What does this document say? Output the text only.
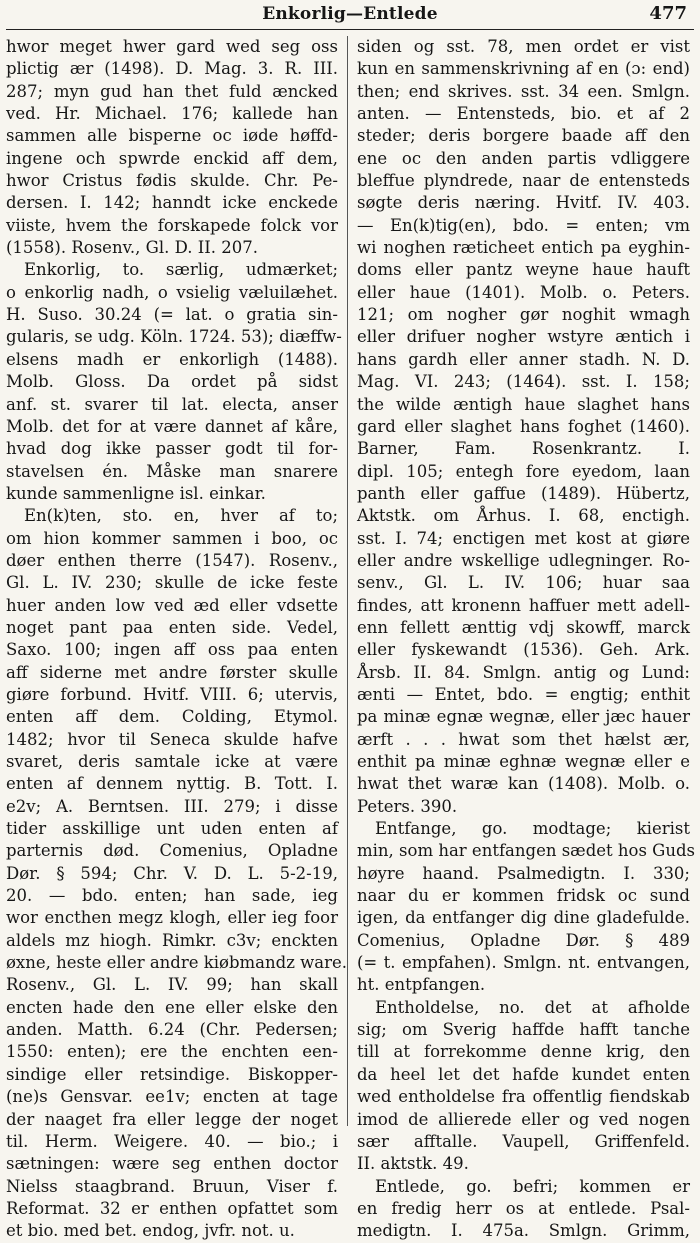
Enkorlig—Entlede	477
hwor meget hwer gard wed seg oss
plictig ær (1498). D. Mag. 3. R. III.
287; myn gud han thet fuld æncked
ved. Hr. Michael. 176; kallede han
sammen alle bisperne oc iøde høffd-
ingene och spwrde enckid aff dem,
hwor Cristus fødis skulde. Chr. Pe-
dersen. I. 142; hanndt icke enckede
viiste, hvem the forskapede folck vor
(1558). Rosenv., Gl. D. II. 207.
Enkorlig, to. særlig, udmærket;
o enkorlig nadh, o vsielig væluilæhet.
H. Suso. 30.24 (= lat. o gratia sin-
gularis, se udg. Köln. 1724. 53); diæffw-
elsens madh er enkorligh (1488).
Molb. Gloss. Da ordet på sidst
anf. st. svarer til lat. electa, anser
Molb. det for at være dannet af kåre,
hvad dog ikke passer godt til for-
stavelsen én. Måske man snarere
kunde sammenligne isl. einkar.
En(k)ten, sto. en, hver af to;
om hion kommer sammen i boo, oc
døer enthen therre (1547). Rosenv.,
Gl. L. IV. 230; skulle de icke feste
huer anden low ved æd eller vdsette
noget pant paa enten side. Vedel,
Saxo. 100; ingen aff oss paa enten
aff siderne met andre førster skulle
giøre forbund. Hvitf. VIII. 6; utervis,
enten aff dem. Colding, Etymol.
1482; hvor til Seneca skulde hafve
svaret, deris samtale icke at være
enten af dennem nyttig. B. Tott. I.
e2v; A. Berntsen. III. 279; i disse
tider asskillige unt uden enten af
parternis død. Comenius, Opladne
Dør. § 594; Chr. V. D. L. 5-2-19,
20. — bdo. enten; han sade, ieg
wor encthen megz klogh, eller ieg foor
aldels mz hiogh. Rimkr. c3v; enckten
øxne, heste eller andre kiøbmandz ware.
Rosenv., Gl. L. IV. 99; han skall
encten hade den ene eller elske den
anden. Matth. 6.24 (Chr. Pedersen;
1550: enten); ere the enchten een-
sindige eller retsindige. Biskopper-
(ne)s Gensvar. ee1v; encten at tage
der naaget fra eller legge der noget
til. Herm. Weigere. 40. — bio.; i
sætningen: wære seg enthen doctor
Nielss staagbrand. Bruun, Viser f.
Reformat. 32 er enthen opfattet som
et bio. med bet. endog, jvfr. not. u.
siden og sst. 78, men ordet er vist
kun en sammenskrivning af en (ɔ: end)
then; end skrives. sst. 34 een. Smlgn.
anten. — Entensteds, bio. et af 2
steder; deris borgere baade aff den
ene oc den anden partis vdliggere
bleffue plyndrede, naar de entensteds
søgte deris næring. Hvitf. IV. 403.
— En(k)tig(en), bdo. = enten; vm
wi noghen ræticheet entich pa eyghin-
doms eller pantz weyne haue hauft
eller haue (1401). Molb. o. Peters.
121; om nogher gør noghit wmagh
eller drifuer nogher wstyre æntich i
hans gardh eller anner stadh. N. D.
Mag. VI. 243; (1464). sst. I. 158;
the wilde æntigh haue slaghet hans
gard eller slaghet hans foghet (1460).
Barner, Fam. Rosenkrantz. I.
dipl. 105; entegh fore eyedom, laan
panth eller gaffue (1489). Hübertz,
Aktstk. om Århus. I. 68, enctigh.
sst. I. 74; enctigen met kost at giøre
eller andre wskellige udlegninger. Ro-
senv., Gl. L. IV. 106; huar saa
findes, att kronenn haffuer mett adell-
enn fellett ænttig vdj skowff, marck
eller fyskewandt (1536). Geh. Ark.
Årsb. II. 84. Smlgn. antig og Lund:
ænti — Entet, bdo. = engtig; enthit
pa minæ egnæ wegnæ, eller jæc hauer
ærft . . . hwat som thet hælst ær,
enthit pa minæ eghnæ wegnæ eller e
hwat thet waræ kan (1408). Molb. o.
Peters. 390.
Entfange, go. modtage; kierist
min, som har entfangen sædet hos Guds
høyre haand. Psalmedigtn. I. 330;
naar du er kommen fridsk oc sund
igen, da entfanger dig dine gladefulde.
Comenius, Opladne Dør. § 489
(= t. empfahen). Smlgn. nt. entvangen,
ht. entpfangen.
Entholdelse, no. det at afholde
sig; om Sverig haffde hafft tanche
till at forrekomme denne krig, den
da heel let det hafde kundet enten
wed entholdelse fra offentlig fiendskab
imod de allierede eller og ved nogen
sær afftalle. Vaupell, Griffenfeld.
II. aktstk. 49.
Entlede, go. befri; kommen er
en fredig herr os at entlede. Psal-
medigtn. I. 475a. Smlgn. Grimm,
